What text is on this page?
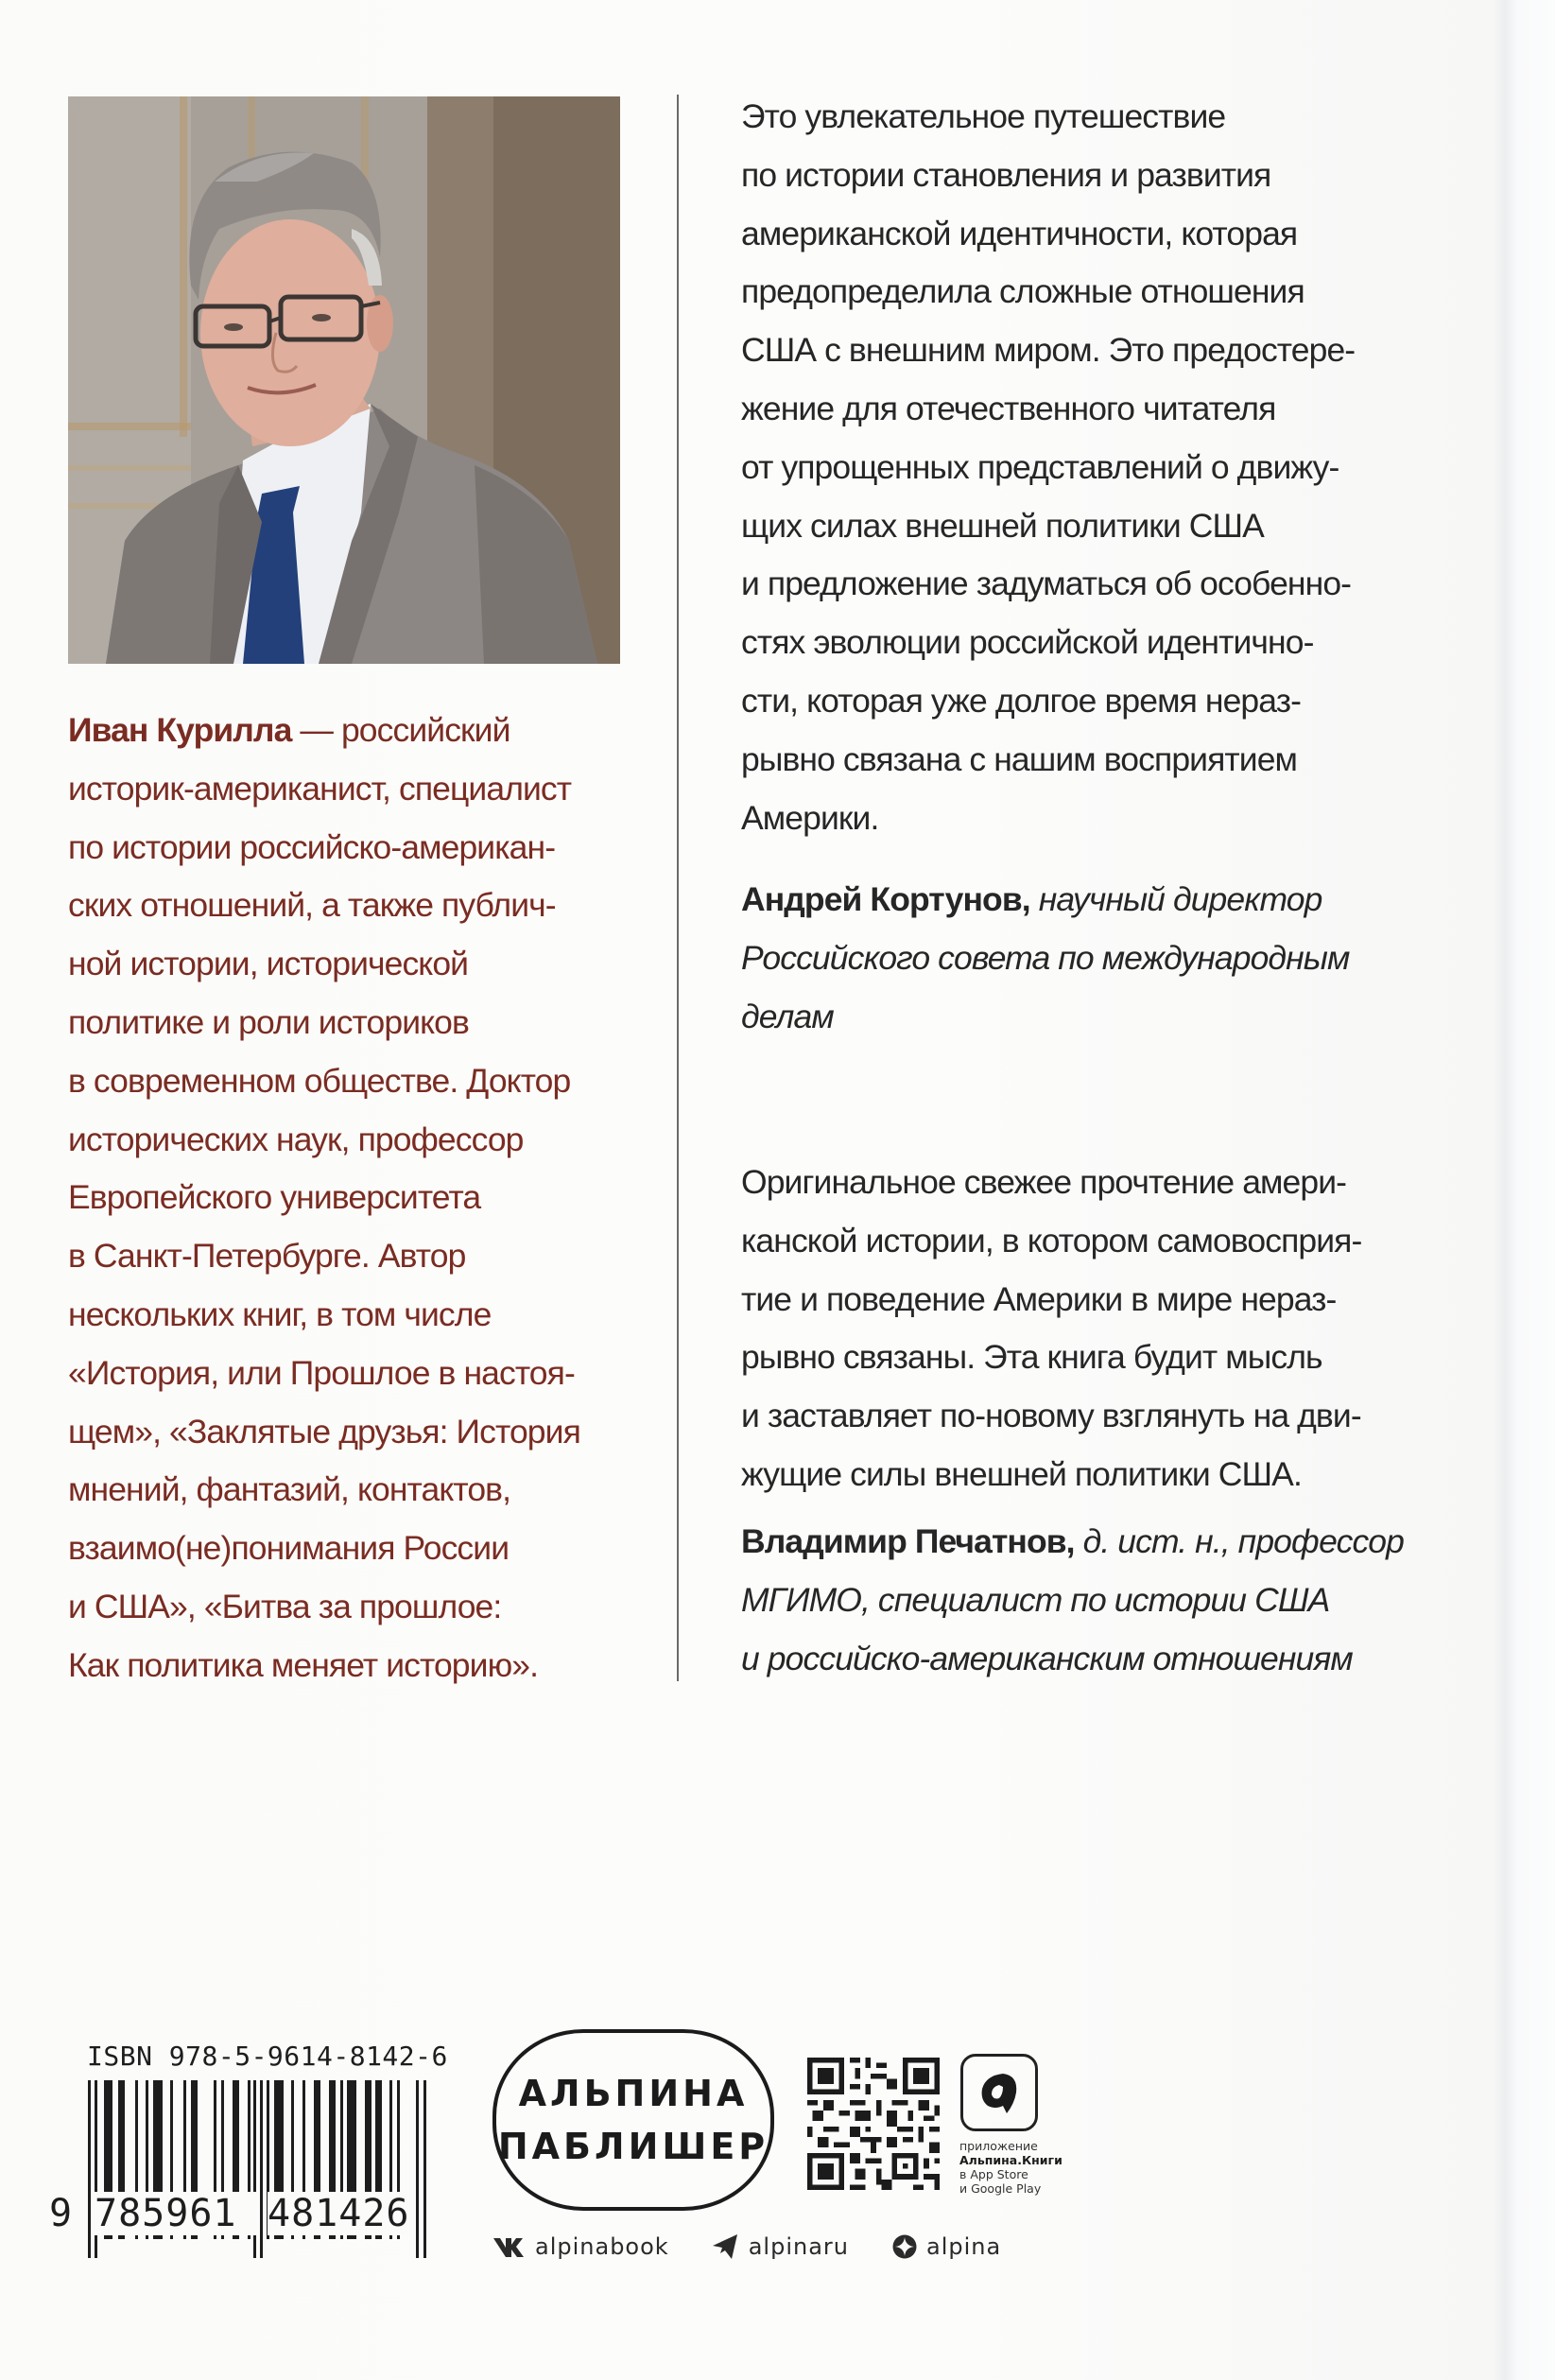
Иван Курилла — российский
историк-американист, специалист
по истории российско-американ-
ских отношений, а также публич-
ной истории, исторической
политике и роли историков
в современном обществе. Доктор
исторических наук, профессор
Европейского университета
в Санкт-Петербурге. Автор
нескольких книг, в том числе
«История, или Прошлое в настоя-
щем», «Заклятые друзья: История
мнений, фантазий, контактов,
взаимо(не)понимания России
и США», «Битва за прошлое:
Как политика меняет историю».
Это увлекательное путешествие
по истории становления и развития
американской идентичности, которая
предопределила сложные отношения
США с внешним миром. Это предостере-
жение для отечественного читателя
от упрощенных представлений о движу-
щих силах внешней политики США
и предложение задуматься об особенно-
стях эволюции российской идентично-
сти, которая уже долгое время нераз-
рывно связана с нашим восприятием
Америки.
Андрей Кортунов, научный директор
Российского совета по международным
делам
Оригинальное свежее прочтение амери-
канской истории, в котором самовосприя-
тие и поведение Америки в мире нераз-
рывно связаны. Эта книга будит мысль
и заставляет по-новому взглянуть на дви-
жущие силы внешней политики США.
Владимир Печатнов, д. ист. н., профессор
МГИМО, специалист по истории США
и российско-американским отношениям
ISBN 978-5-9614-8142-6
9 785961 481426
АЛЬПИНА
ПАБЛИШЕР	приложение
Альпина.Книги
в App Store
и Google Play
alpinabook	alpinaru	alpina
